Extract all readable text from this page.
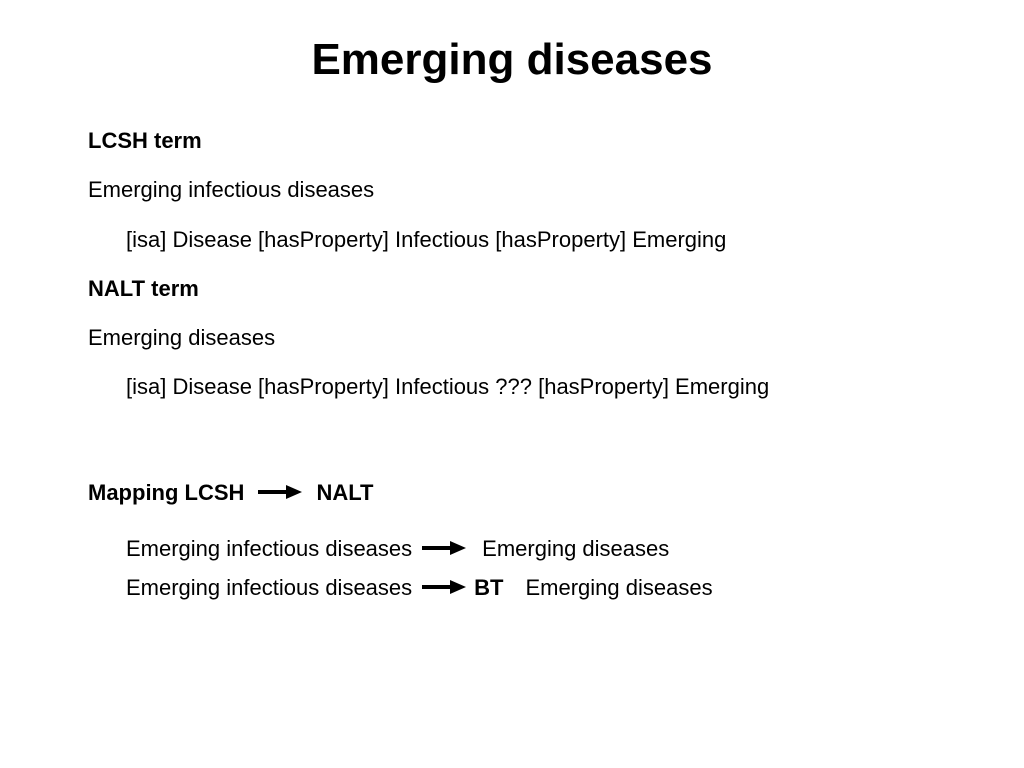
Emerging diseases
LCSH term
Emerging infectious diseases
[isa] Disease [hasProperty] Infectious [hasProperty] Emerging
NALT term
Emerging diseases
[isa] Disease [hasProperty] Infectious ??? [hasProperty] Emerging
Mapping LCSH	NALT
Emerging infectious diseases	Emerging diseases
Emerging infectious diseases	BT Emerging diseases
